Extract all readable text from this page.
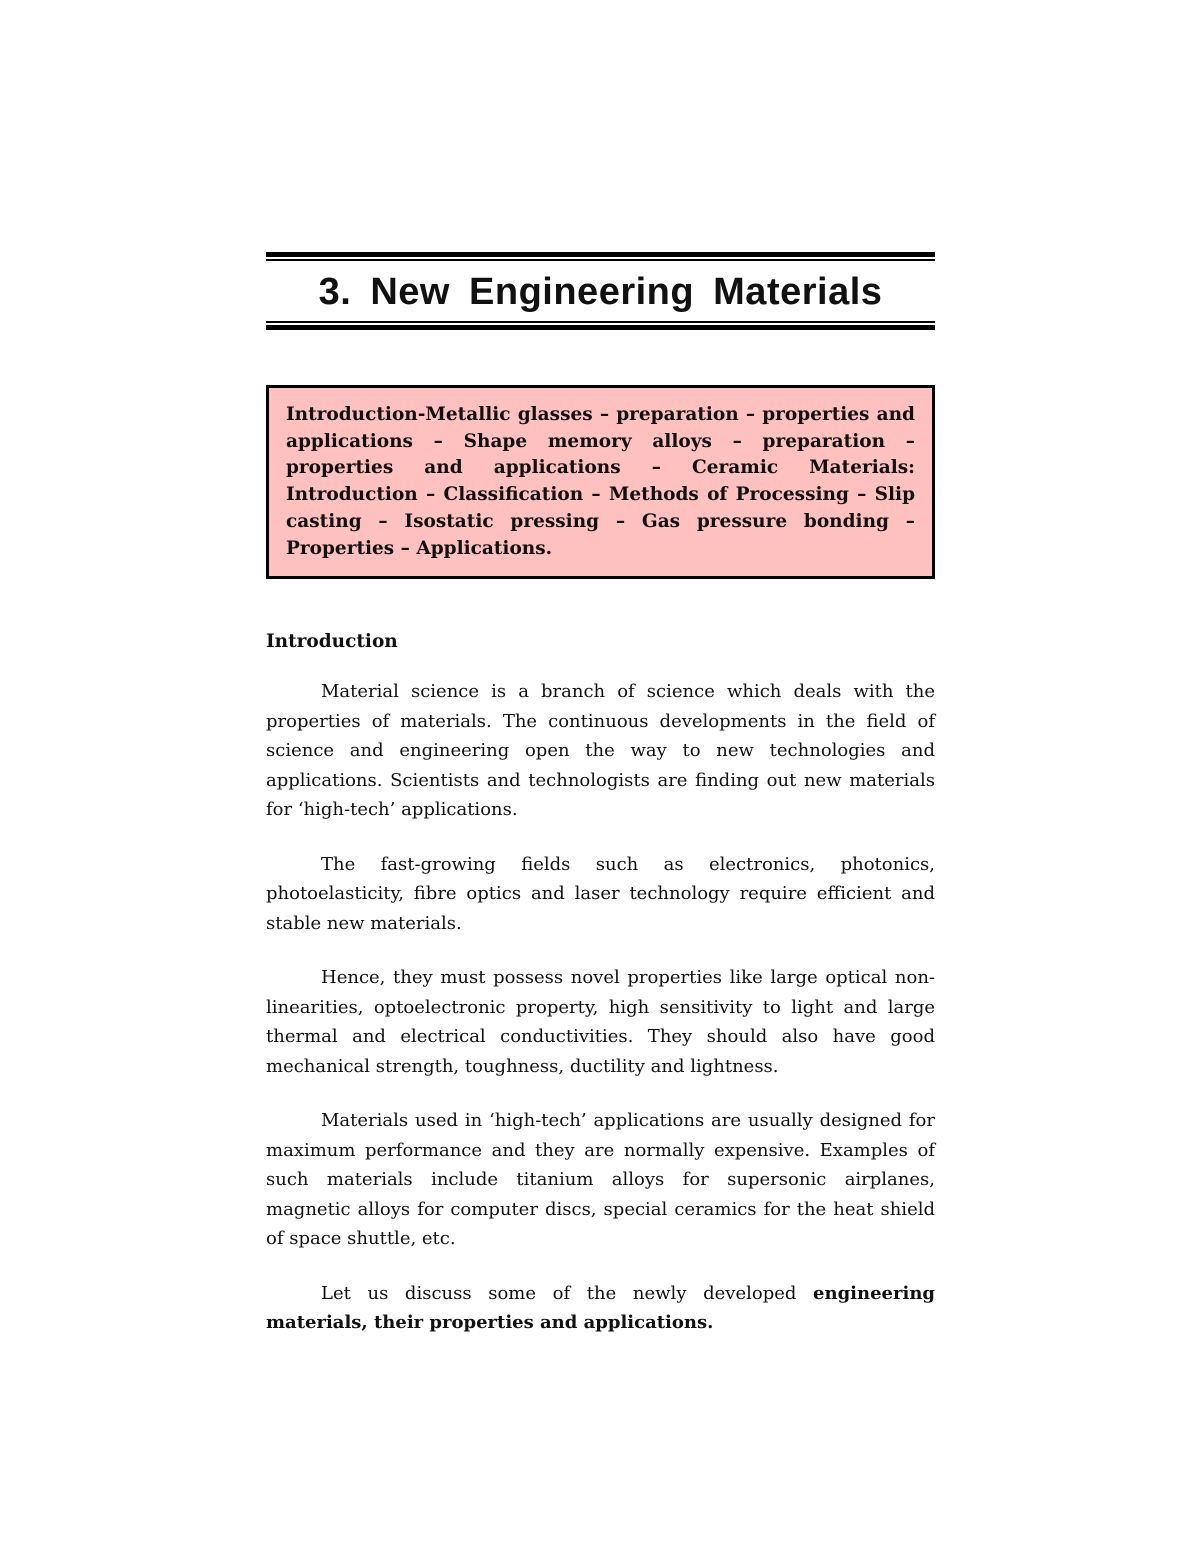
3. New Engineering Materials
Introduction-Metallic glasses – preparation – properties and applications – Shape memory alloys – preparation – properties and applications – Ceramic Materials: Introduction – Classification – Methods of Processing – Slip casting – Isostatic pressing – Gas pressure bonding – Properties – Applications.
Introduction

Material science is a branch of science which deals with the properties of materials. The continuous developments in the field of science and engineering open the way to new technologies and applications. Scientists and technologists are finding out new materials for ‘high-tech’ applications.

The fast-growing fields such as electronics, photonics, photoelasticity, fibre optics and laser technology require efficient and stable new materials.

Hence, they must possess novel properties like large optical non-linearities, optoelectronic property, high sensitivity to light and large thermal and electrical conductivities. They should also have good mechanical strength, toughness, ductility and lightness.

Materials used in ‘high-tech’ applications are usually designed for maximum performance and they are normally expensive. Examples of such materials include titanium alloys for supersonic airplanes, magnetic alloys for computer discs, special ceramics for the heat shield of space shuttle, etc.

Let us discuss some of the newly developed engineering materials, their properties and applications.
